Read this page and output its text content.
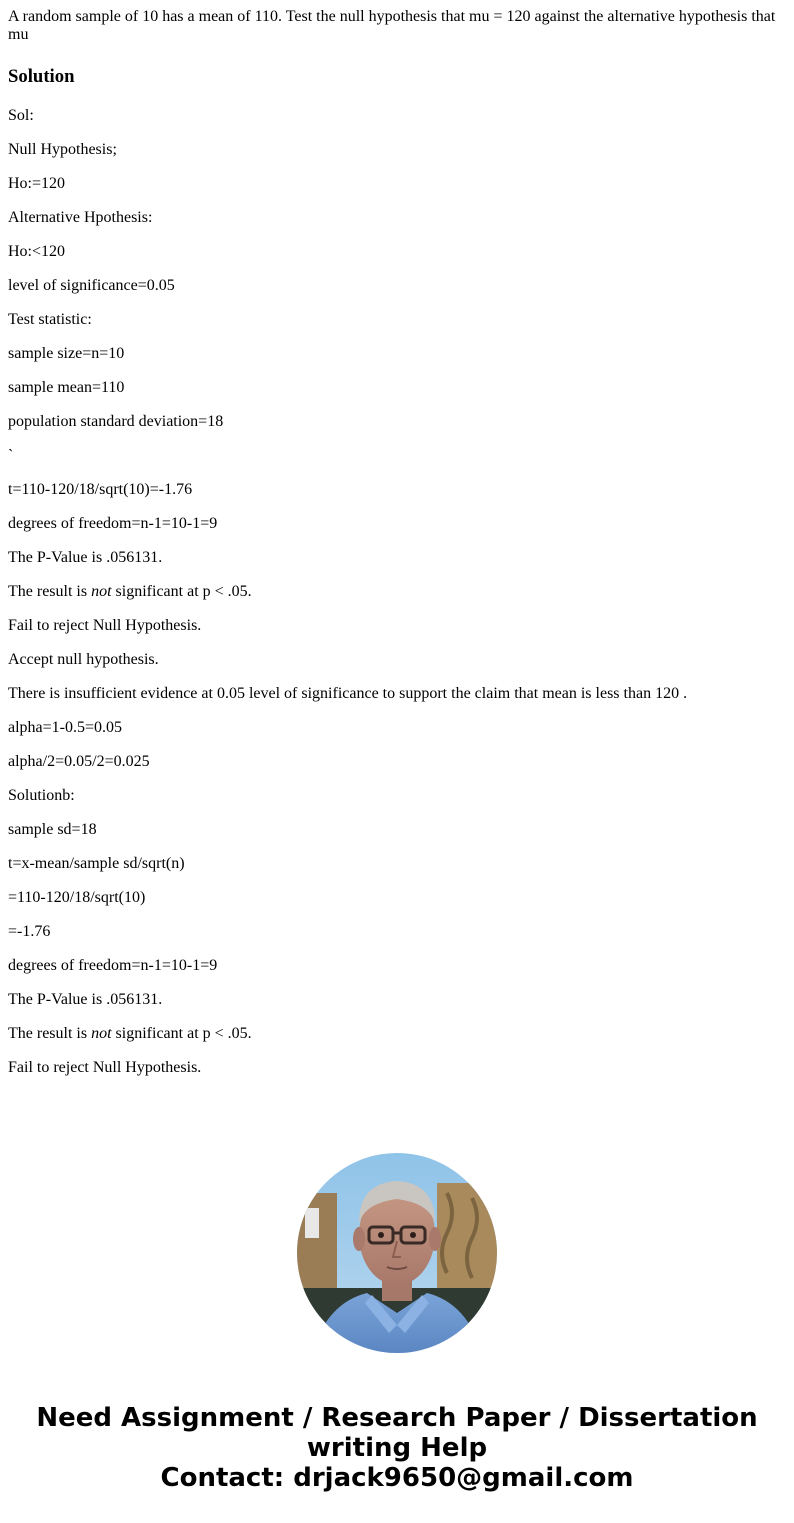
A random sample of 10 has a mean of 110. Test the null hypothesis that mu = 120 against the alternative hypothesis that mu

Solution

Sol:

Null Hypothesis;

Ho:=120

Alternative Hpothesis:

Ho:<120

level of significance=0.05

Test statistic:

sample size=n=10

sample mean=110

population standard deviation=18

`

t=110-120/18/sqrt(10)=-1.76

degrees of freedom=n-1=10-1=9

The P-Value is .056131.

The result is not significant at p < .05.

Fail to reject Null Hypothesis.

Accept null hypothesis.

There is insufficient evidence at 0.05 level of significance to support the claim that mean is less than 120 .

alpha=1-0.5=0.05

alpha/2=0.05/2=0.025

Solutionb:

sample sd=18

t=x-mean/sample sd/sqrt(n)

=110-120/18/sqrt(10)

=-1.76

degrees of freedom=n-1=10-1=9

The P-Value is .056131.

The result is not significant at p < .05.

Fail to reject Null Hypothesis.

Need Assignment / Research Paper / Dissertation
writing Help
Contact: drjack9650@gmail.com
